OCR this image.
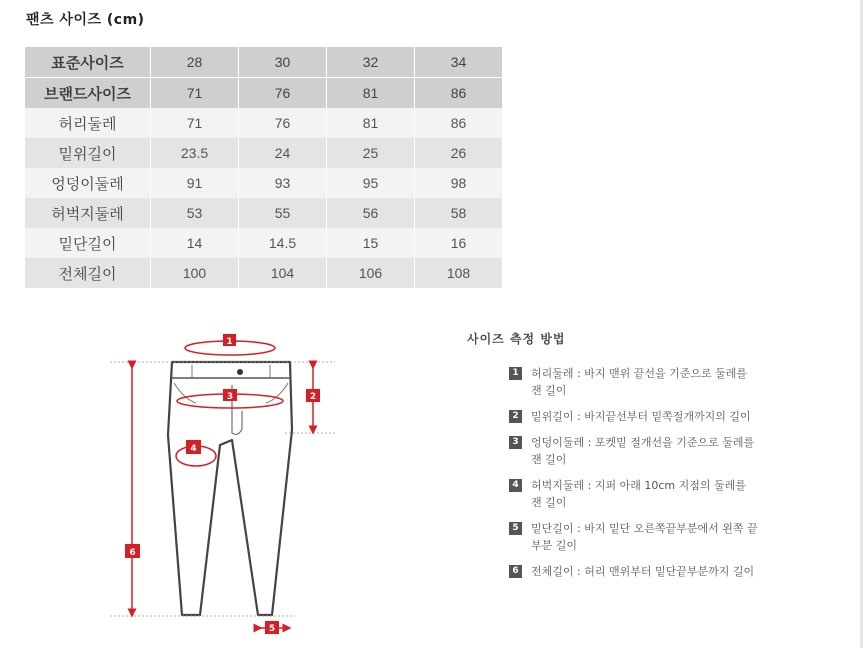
팬츠 사이즈 (cm)
표준사이즈	28	30	32	34
브랜드사이즈	71	76	81	86
허리둘레	71	76	81	86
밑위길이	23.5	24	25	26
엉덩이둘레	91	93	95	98
허벅지둘레	53	55	56	58
밑단길이	14	14.5	15	16
전체길이	100	104	106	108
1
2
3
4
6
5
사이즈 측정 방법
1	허리둘레 : 바지 맨위 끝선을 기준으로 둘레를 잰 길이
2	밑위길이 : 바지끝선부터 밑쪽절개까지의 길이
3	엉덩이둘레 : 포켓밑 절개선을 기준으로 둘레를 잰 길이
4	허벅지둘레 : 지퍼 아래 10cm 지점의 둘레를 잰 길이
5	밑단길이 : 바지 밑단 오른쪽끝부분에서 왼쪽 끝부분 길이
6	전체길이 : 허리 맨위부터 밑단끝부분까지 길이
